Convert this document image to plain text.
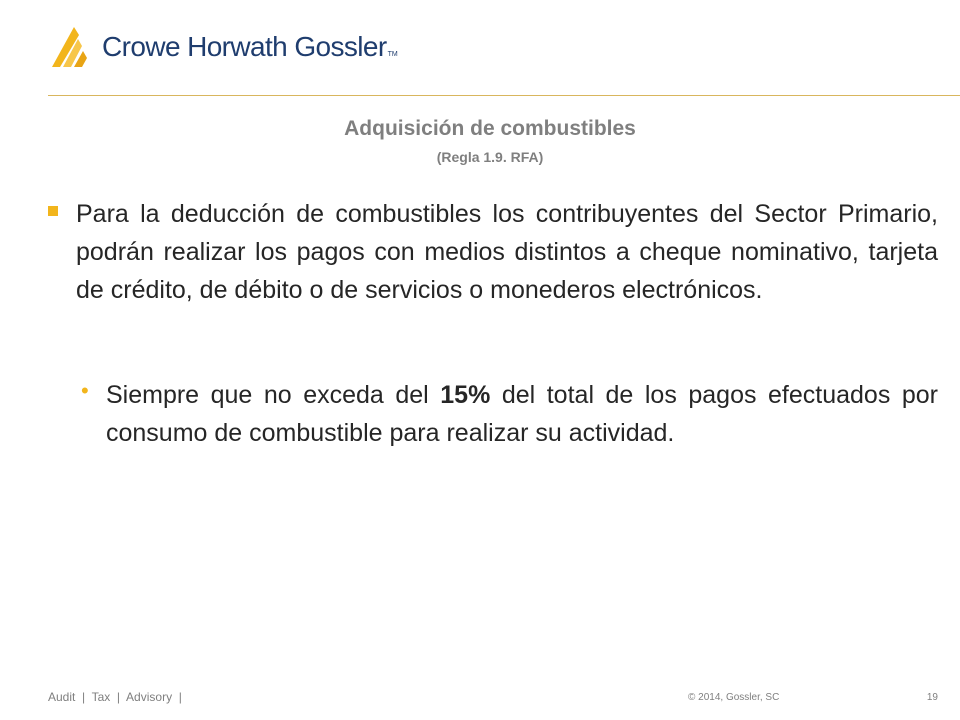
Crowe Horwath GosslerTM
Adquisición de combustibles
(Regla 1.9. RFA)
Para la deducción de combustibles los contribuyentes del Sector Primario, podrán realizar los pagos con medios distintos a cheque nominativo, tarjeta de crédito, de débito o de servicios o monederos electrónicos.
• Siempre que no exceda del 15% del total de los pagos efectuados por consumo de combustible para realizar su actividad.
Audit  |  Tax  |  Advisory  |	© 2014, Gossler, SC	19
